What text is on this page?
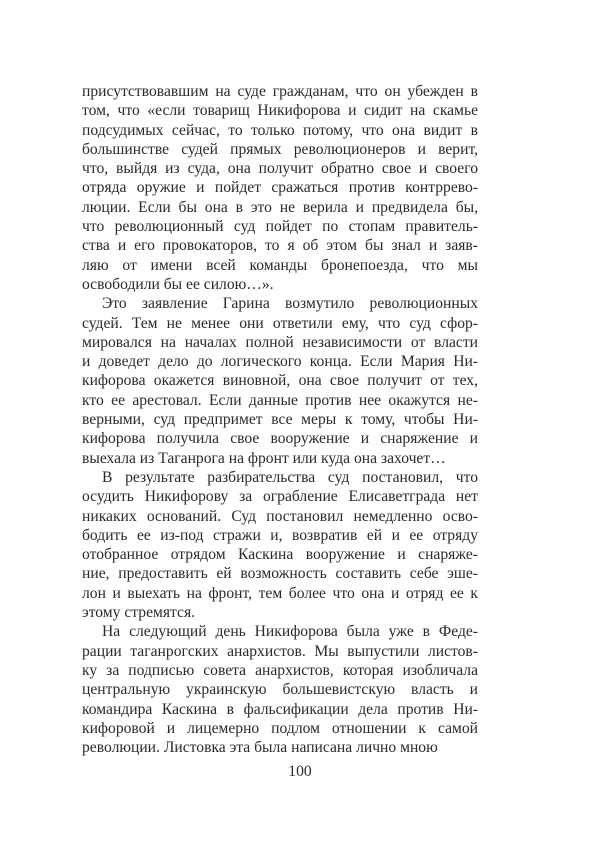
присутствовавшим на суде гражданам, что он убежден в
том, что «если товарищ Никифорова и сидит на скамье
подсудимых сейчас, то только потому, что она видит в
большинстве судей прямых революционеров и верит,
что, выйдя из суда, она получит обратно свое и своего
отряда оружие и пойдет сражаться против контррево-
люции. Если бы она в это не верила и предвидела бы,
что революционный суд пойдет по стопам правитель-
ства и его провокаторов, то я об этом бы знал и заяв-
ляю от имени всей команды бронепоезда, что мы
освободили бы ее силою…».

Это заявление Гарина возмутило революционных
судей. Тем не менее они ответили ему, что суд сфор-
мировался на началах полной независимости от власти
и доведет дело до логического конца. Если Мария Ни-
кифорова окажется виновной, она свое получит от тех,
кто ее арестовал. Если данные против нее окажутся не-
верными, суд предпримет все меры к тому, чтобы Ни-
кифорова получила свое вооружение и снаряжение и
выехала из Таганрога на фронт или куда она захочет…

В результате разбирательства суд постановил, что
осудить Никифорову за ограбление Елисаветграда нет
никаких оснований. Суд постановил немедленно осво-
бодить ее из-под стражи и, возвратив ей и ее отряду
отобранное отрядом Каскина вооружение и снаряже-
ние, предоставить ей возможность составить себе эше-
лон и выехать на фронт, тем более что она и отряд ее к
этому стремятся.

На следующий день Никифорова была уже в Феде-
рации таганрогских анархистов. Мы выпустили листов-
ку за подписью совета анархистов, которая изобличала
центральную украинскую большевистскую власть и
командира Каскина в фальсификации дела против Ни-
кифоровой и лицемерно подлом отношении к самой
революции. Листовка эта была написана лично мною

100
